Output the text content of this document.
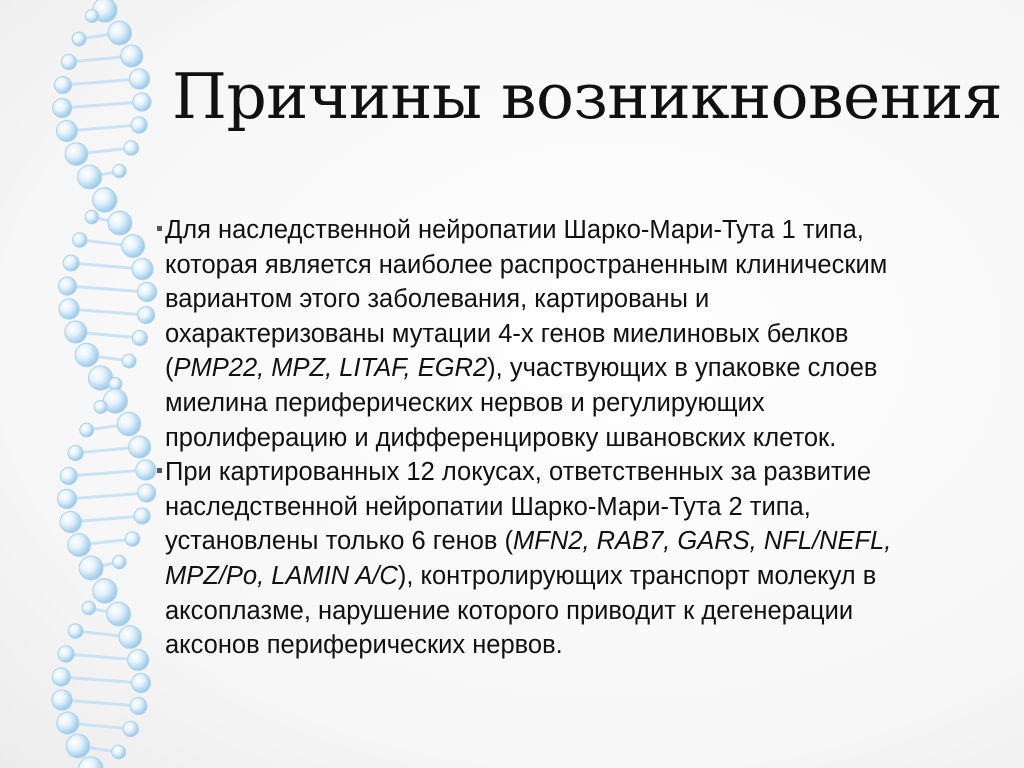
Причины возникновения

Для наследственной нейропатии Шарко-Мари-Тута 1 типа,
которая является наиболее распространенным клиническим
вариантом этого заболевания, картированы и
охарактеризованы мутации 4-х генов миелиновых белков
(PMP22, MPZ, LITAF, EGR2), участвующих в упаковке слоев
миелина периферических нервов и регулирующих
пролиферацию и дифференцировку швановских клеток.

При картированных 12 локусах, ответственных за развитие
наследственной нейропатии Шарко-Мари-Тута 2 типа,
установлены только 6 генов (MFN2, RAB7, GARS, NFL/NEFL,
MPZ/Po, LAMIN A/C), контролирующих транспорт молекул в
аксоплазме, нарушение которого приводит к дегенерации
аксонов периферических нервов.
